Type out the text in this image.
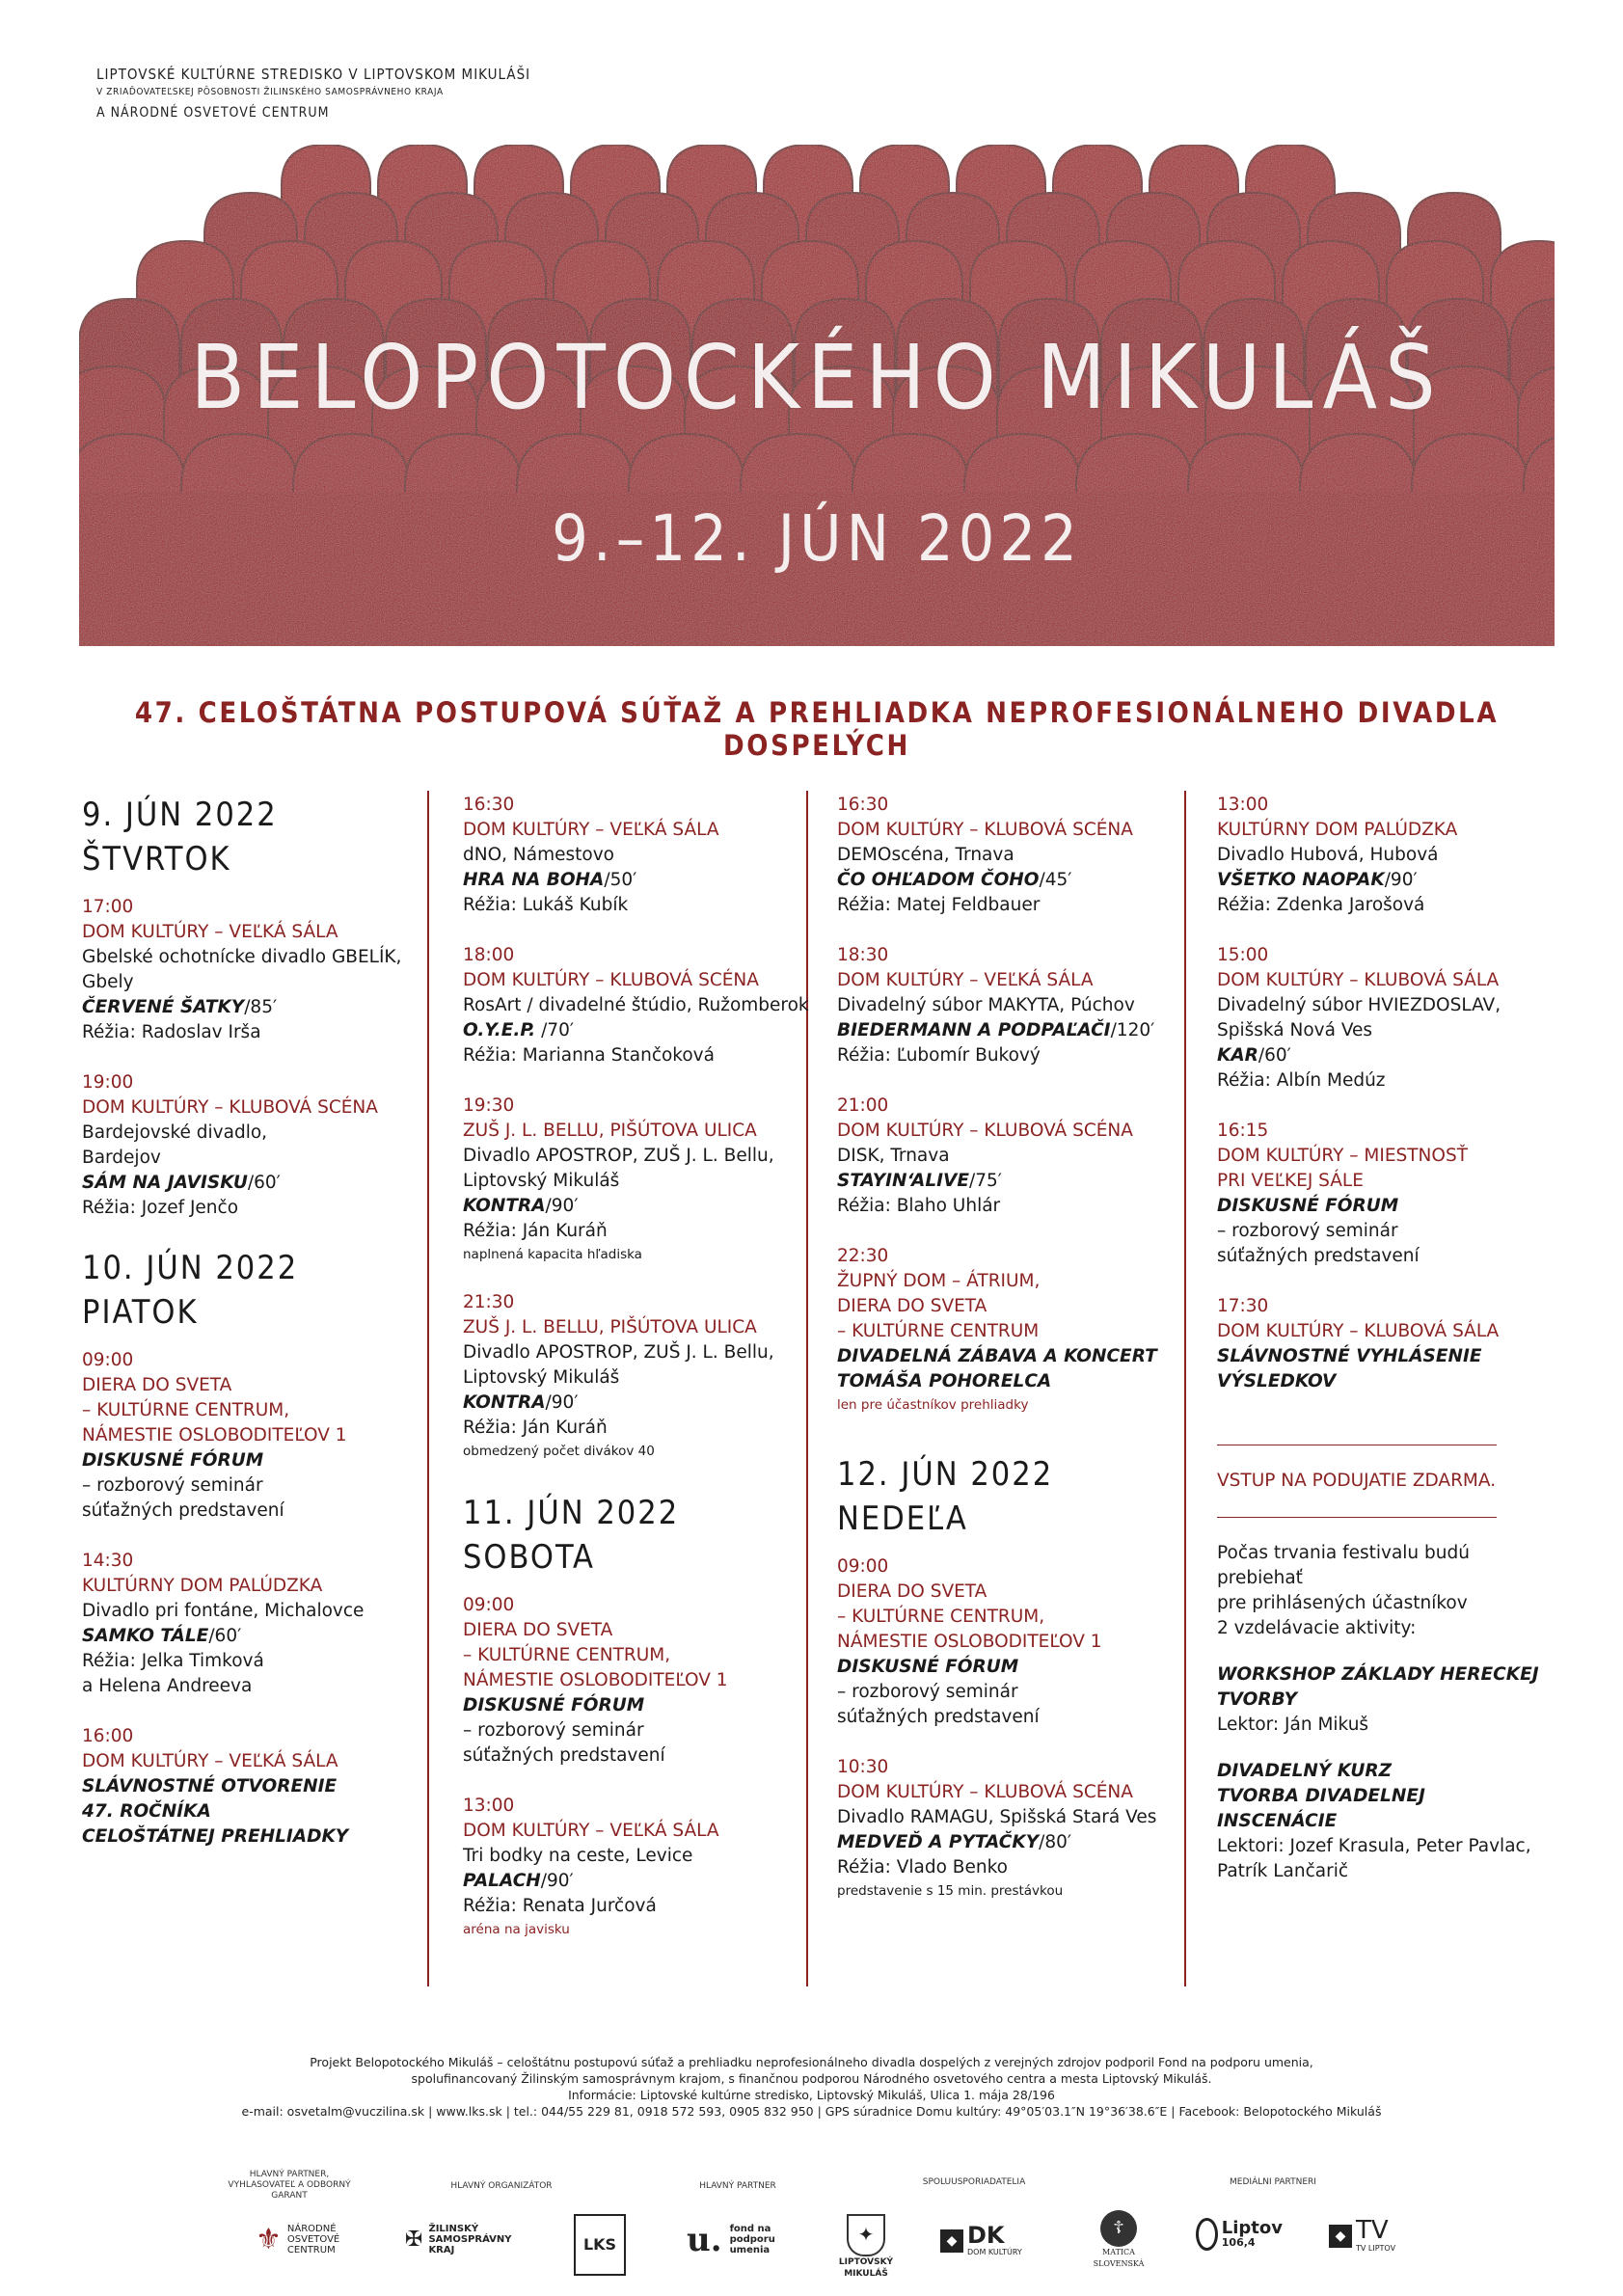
LIPTOVSKÉ KULTÚRNE STREDISKO V LIPTOVSKOM MIKULÁŠI
V ZRIAĎOVATEĽSKEJ PÔSOBNOSTI ŽILINSKÉHO SAMOSPRÁVNEHO KRAJA
A NÁRODNÉ OSVETOVÉ CENTRUM
BELOPOTOCKÉHO MIKULÁŠ
9.–12. JÚN 2022
47. CELOŠTÁTNA POSTUPOVÁ SÚŤAŽ A PREHLIADKA NEPROFESIONÁLNEHO DIVADLA DOSPELÝCH
9. JÚN 2022
ŠTVRTOK
17:00
DOM KULTÚRY – VEĽKÁ SÁLA
Gbelské ochotnícke divadlo GBELÍK,
Gbely
ČERVENÉ ŠATKY/85′
Réžia: Radoslav Irša
19:00
DOM KULTÚRY – KLUBOVÁ SCÉNA
Bardejovské divadlo,
Bardejov
SÁM NA JAVISKU/60′
Réžia: Jozef Jenčo
10. JÚN 2022
PIATOK
09:00
DIERA DO SVETA
– KULTÚRNE CENTRUM,
NÁMESTIE OSLOBODITEĽOV 1
DISKUSNÉ FÓRUM
– rozborový seminár
súťažných predstavení
14:30
KULTÚRNY DOM PALÚDZKA
Divadlo pri fontáne, Michalovce
SAMKO TÁLE/60′
Réžia: Jelka Timková
a Helena Andreeva
16:00
DOM KULTÚRY – VEĽKÁ SÁLA
SLÁVNOSTNÉ OTVORENIE
47. ROČNÍKA
CELOŠTÁTNEJ PREHLIADKY
16:30
DOM KULTÚRY – VEĽKÁ SÁLA
dNO, Námestovo
HRA NA BOHA/50′
Réžia: Lukáš Kubík
18:00
DOM KULTÚRY – KLUBOVÁ SCÉNA
RosArt / divadelné štúdio, Ružomberok
O.Y.E.P. /70′
Réžia: Marianna Stančoková
19:30
ZUŠ J. L. BELLU, PIŠÚTOVA ULICA
Divadlo APOSTROP, ZUŠ J. L. Bellu,
Liptovský Mikuláš
KONTRA/90′
Réžia: Ján Kuráň
naplnená kapacita hľadiska
21:30
ZUŠ J. L. BELLU, PIŠÚTOVA ULICA
Divadlo APOSTROP, ZUŠ J. L. Bellu,
Liptovský Mikuláš
KONTRA/90′
Réžia: Ján Kuráň
obmedzený počet divákov 40
11. JÚN 2022
SOBOTA
09:00
DIERA DO SVETA
– KULTÚRNE CENTRUM,
NÁMESTIE OSLOBODITEĽOV 1
DISKUSNÉ FÓRUM
– rozborový seminár
súťažných predstavení
13:00
DOM KULTÚRY – VEĽKÁ SÁLA
Tri bodky na ceste, Levice
PALACH/90′
Réžia: Renata Jurčová
aréna na javisku
16:30
DOM KULTÚRY – KLUBOVÁ SCÉNA
DEMOscéna, Trnava
ČO OHĽADOM ČOHO/45′
Réžia: Matej Feldbauer
18:30
DOM KULTÚRY – VEĽKÁ SÁLA
Divadelný súbor MAKYTA, Púchov
BIEDERMANN A PODPAĽAČI/120′
Réžia: Ľubomír Bukový
21:00
DOM KULTÚRY – KLUBOVÁ SCÉNA
DISK, Trnava
STAYIN‘ALIVE/75′
Réžia: Blaho Uhlár
22:30
ŽUPNÝ DOM – ÁTRIUM,
DIERA DO SVETA
– KULTÚRNE CENTRUM
DIVADELNÁ ZÁBAVA A KONCERT
TOMÁŠA POHORELCA
len pre účastníkov prehliadky
12. JÚN 2022
NEDEĽA
09:00
DIERA DO SVETA
– KULTÚRNE CENTRUM,
NÁMESTIE OSLOBODITEĽOV 1
DISKUSNÉ FÓRUM
– rozborový seminár
súťažných predstavení
10:30
DOM KULTÚRY – KLUBOVÁ SCÉNA
Divadlo RAMAGU, Spišská Stará Ves
MEDVEĎ A PYTAČKY/80′
Réžia: Vlado Benko
predstavenie s 15 min. prestávkou
13:00
KULTÚRNY DOM PALÚDZKA
Divadlo Hubová, Hubová
VŠETKO NAOPAK/90′
Réžia: Zdenka Jarošová
15:00
DOM KULTÚRY – KLUBOVÁ SÁLA
Divadelný súbor HVIEZDOSLAV,
Spišská Nová Ves
KAR/60′
Réžia: Albín Medúz
16:15
DOM KULTÚRY – MIESTNOSŤ
PRI VEĽKEJ SÁLE
DISKUSNÉ FÓRUM
– rozborový seminár
súťažných predstavení
17:30
DOM KULTÚRY – KLUBOVÁ SÁLA
SLÁVNOSTNÉ VYHLÁSENIE
VÝSLEDKOV
VSTUP NA PODUJATIE ZDARMA.
Počas trvania festivalu budú prebiehať
pre prihlásených účastníkov
2 vzdelávacie aktivity:
WORKSHOP ZÁKLADY HERECKEJ
TVORBY
Lektor: Ján Mikuš
DIVADELNÝ KURZ
TVORBA DIVADELNEJ INSCENÁCIE
Lektori: Jozef Krasula, Peter Pavlac,
Patrík Lančarič
Projekt Belopotockého Mikuláš – celoštátnu postupovú súťaž a prehliadku neprofesionálneho divadla dospelých z verejných zdrojov podporil Fond na podporu umenia,
spolufinancovaný Žilinským samosprávnym krajom, s finančnou podporou Národného osvetového centra a mesta Liptovský Mikuláš.
Informácie: Liptovské kultúrne stredisko, Liptovský Mikuláš, Ulica 1. mája 28/196
e-mail: osvetalm@vuczilina.sk | www.lks.sk | tel.: 044/55 229 81, 0918 572 593, 0905 832 950 | GPS súradnice Domu kultúry: 49°05′03.1″N 19°36′38.6″E | Facebook: Belopotockého Mikuláš
HLAVNÝ PARTNER, VYHLASOVATEĽ A ODBORNÝ GARANT
HLAVNÝ ORGANIZÁTOR	HLAVNÝ PARTNER	SPOLUUSPORIADATELIA	MEDIÁLNI PARTNERI
⚜ NÁRODNÉ OSVETOVÉ CENTRUM	✠ ŽILINSKÝ SAMOSPRÁVNY KRAJ	LKS u. fond na podporu umenia
✦
LIPTOVSKÝ MIKULÁŠ
◆ DK
DOM KULTÚRY
☦
MATICA SLOVENSKÁ
Liptov
106,4	◆ TV
TV LIPTOV
